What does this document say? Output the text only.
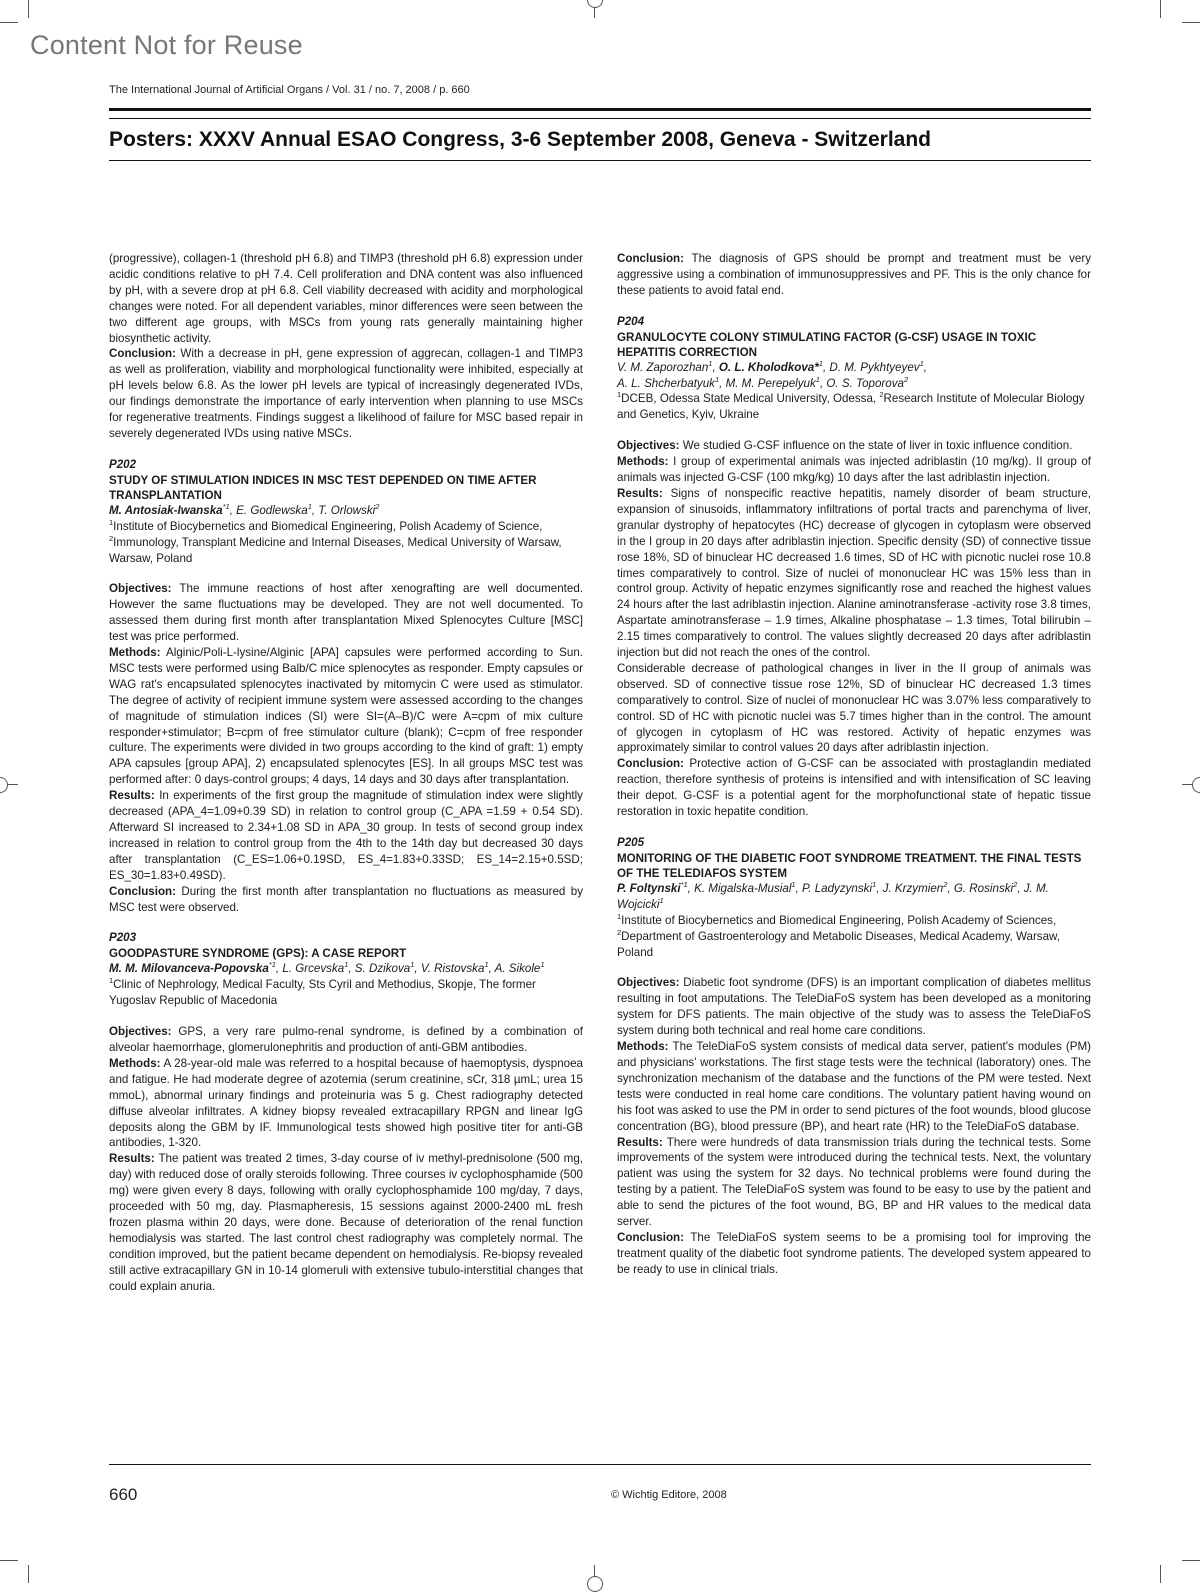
Content Not for Reuse
The International Journal of Artificial Organs / Vol. 31 / no. 7, 2008 / p. 660
Posters: XXXV Annual ESAO Congress, 3-6 September 2008, Geneva - Switzerland

(progressive), collagen-1 (threshold pH 6.8) and TIMP3 (threshold pH 6.8) expression under acidic conditions relative to pH 7.4. Cell proliferation and DNA content was also influenced by pH, with a severe drop at pH 6.8. Cell viability decreased with acidity and morphological changes were noted. For all dependent variables, minor differences were seen between the two different age groups, with MSCs from young rats generally maintaining higher biosynthetic activity.

Conclusion: With a decrease in pH, gene expression of aggrecan, collagen-1 and TIMP3 as well as proliferation, viability and morphological functionality were inhibited, especially at pH levels below 6.8. As the lower pH levels are typical of increasingly degenerated IVDs, our findings demonstrate the importance of early intervention when planning to use MSCs for regenerative treatments. Findings suggest a likelihood of failure for MSC based repair in severely degenerated IVDs using native MSCs.

P202

STUDY OF STIMULATION INDICES IN MSC TEST DEPENDED ON TIME AFTER TRANSPLANTATION

M. Antosiak-Iwanska$^{*1}$, E. Godlewska$^1$, T. Orlowski$^2$

$^1$Institute of Biocybernetics and Biomedical Engineering, Polish Academy of Science, $^2$Immunology, Transplant Medicine and Internal Diseases, Medical University of Warsaw, Warsaw, Poland

Objectives: The immune reactions of host after xenografting are well documented. However the same fluctuations may be developed. They are not well documented. To assessed them during first month after transplantation Mixed Splenocytes Culture [MSC] test was price performed.

Methods: Alginic/Poli-L-lysine/Alginic [APA] capsules were performed according to Sun. MSC tests were performed using Balb/C mice splenocytes as responder. Empty capsules or WAG rat's encapsulated splenocytes inactivated by mitomycin C were used as stimulator. The degree of activity of recipient immune system were assessed according to the changes of magnitude of stimulation indices (SI) were SI=(A–B)/C were A=cpm of mix culture responder+stimulator; B=cpm of free stimulator culture (blank); C=cpm of free responder culture. The experiments were divided in two groups according to the kind of graft: 1) empty APA capsules [group APA], 2) encapsulated splenocytes [ES]. In all groups MSC test was performed after: 0 days-control groups; 4 days, 14 days and 30 days after transplantation.

Results: In experiments of the first group the magnitude of stimulation index were slightly decreased (APA_4=1.09+0.39 SD) in relation to control group (C_APA =1.59 + 0.54 SD). Afterward SI increased to 2.34+1.08 SD in APA_30 group. In tests of second group index increased in relation to control group from the 4th to the 14th day but decreased 30 days after transplantation (C_ES=1.06+0.19SD, ES_4=1.83+0.33SD; ES_14=2.15+0.5SD; ES_30=1.83+0.49SD).

Conclusion: During the first month after transplantation no fluctuations as measured by MSC test were observed.

P203

GOODPASTURE SYNDROME (GPS): A CASE REPORT

M. M. Milovanceva-Popovska$^{*1}$, L. Grcevska$^1$, S. Dzikova$^1$, V. Ristovska$^1$, A. Sikole$^1$

$^1$Clinic of Nephrology, Medical Faculty, Sts Cyril and Methodius, Skopje, The former Yugoslav Republic of Macedonia

Objectives: GPS, a very rare pulmo-renal syndrome, is defined by a combination of alveolar haemorrhage, glomerulonephritis and production of anti-GBM antibodies.

Methods: A 28-year-old male was referred to a hospital because of haemoptysis, dyspnoea and fatigue. He had moderate degree of azotemia (serum creatinine, sCr, 318 µmL; urea 15 mmoL), abnormal urinary findings and proteinuria was 5 g. Chest radiography detected diffuse alveolar infiltrates. A kidney biopsy revealed extracapillary RPGN and linear IgG deposits along the GBM by IF. Immunological tests showed high positive titer for anti-GB antibodies, 1-320.

Results: The patient was treated 2 times, 3-day course of iv methyl-prednisolone (500 mg, day) with reduced dose of orally steroids following. Three courses iv cyclophosphamide (500 mg) were given every 8 days, following with orally cyclophosphamide 100 mg/day, 7 days, proceeded with 50 mg, day. Plasmapheresis, 15 sessions against 2000-2400 mL fresh frozen plasma within 20 days, were done. Because of deterioration of the renal function hemodialysis was started. The last control chest radiography was completely normal. The condition improved, but the patient became dependent on hemodialysis. Re-biopsy revealed still active extracapillary GN in 10-14 glomeruli with extensive tubulo-interstitial changes that could explain anuria.

Conclusion: The diagnosis of GPS should be prompt and treatment must be very aggressive using a combination of immunosuppressives and PF. This is the only chance for these patients to avoid fatal end.

P204

GRANULOCYTE COLONY STIMULATING FACTOR (G-CSF) USAGE IN TOXIC HEPATITIS CORRECTION

V. M. Zaporozhan$^1$, O. L. Kholodkova*$^1$, D. M. Pykhtyeyev$^1$,
A. L. Shcherbatyuk$^1$, M. M. Perepelyuk$^1$, O. S. Toporova$^2$

$^1$DCEB, Odessa State Medical University, Odessa, $^2$Research Institute of Molecular Biology and Genetics, Kyiv, Ukraine

Objectives: We studied G-CSF influence on the state of liver in toxic influence condition.

Methods: I group of experimental animals was injected adriblastin (10 mg/kg). II group of animals was injected G-CSF (100 mkg/kg) 10 days after the last adriblastin injection.

Results: Signs of nonspecific reactive hepatitis, namely disorder of beam structure, expansion of sinusoids, inflammatory infiltrations of portal tracts and parenchyma of liver, granular dystrophy of hepatocytes (HC) decrease of glycogen in cytoplasm were observed in the I group in 20 days after adriblastin injection. Specific density (SD) of connective tissue rose 18%, SD of binuclear HC decreased 1.6 times, SD of HC with picnotic nuclei rose 10.8 times comparatively to control. Size of nuclei of mononuclear HC was 15% less than in control group. Activity of hepatic enzymes significantly rose and reached the highest values 24 hours after the last adriblastin injection. Alanine aminotransferase -activity rose 3.8 times, Aspartate aminotransferase – 1.9 times, Alkaline phosphatase – 1.3 times, Total bilirubin – 2.15 times comparatively to control. The values slightly decreased 20 days after adriblastin injection but did not reach the ones of the control.

Considerable decrease of pathological changes in liver in the II group of animals was observed. SD of connective tissue rose 12%, SD of binuclear HC decreased 1.3 times comparatively to control. Size of nuclei of mononuclear HC was 3.07% less comparatively to control. SD of HC with picnotic nuclei was 5.7 times higher than in the control. The amount of glycogen in cytoplasm of HC was restored. Activity of hepatic enzymes was approximately similar to control values 20 days after adriblastin injection.

Conclusion: Protective action of G-CSF can be associated with prostaglandin mediated reaction, therefore synthesis of proteins is intensified and with intensification of SC leaving their depot. G-CSF is a potential agent for the morphofunctional state of hepatic tissue restoration in toxic hepatite condition.

P205

MONITORING OF THE DIABETIC FOOT SYNDROME TREATMENT. THE FINAL TESTS OF THE TELEDIAFOS SYSTEM

P. Foltynski$^{*1}$, K. Migalska-Musial$^1$, P. Ladyzynski$^1$, J. Krzymien$^2$, G. Rosinski$^2$, J. M. Wojcicki$^1$

$^1$Institute of Biocybernetics and Biomedical Engineering, Polish Academy of Sciences, $^2$Department of Gastroenterology and Metabolic Diseases, Medical Academy, Warsaw, Poland

Objectives: Diabetic foot syndrome (DFS) is an important complication of diabetes mellitus resulting in foot amputations. The TeleDiaFoS system has been developed as a monitoring system for DFS patients. The main objective of the study was to assess the TeleDiaFoS system during both technical and real home care conditions.

Methods: The TeleDiaFoS system consists of medical data server, patient's modules (PM) and physicians' workstations. The first stage tests were the technical (laboratory) ones. The synchronization mechanism of the database and the functions of the PM were tested. Next tests were conducted in real home care conditions. The voluntary patient having wound on his foot was asked to use the PM in order to send pictures of the foot wounds, blood glucose concentration (BG), blood pressure (BP), and heart rate (HR) to the TeleDiaFoS database.

Results: There were hundreds of data transmission trials during the technical tests. Some improvements of the system were introduced during the technical tests. Next, the voluntary patient was using the system for 32 days. No technical problems were found during the testing by a patient. The TeleDiaFoS system was found to be easy to use by the patient and able to send the pictures of the foot wound, BG, BP and HR values to the medical data server.

Conclusion: The TeleDiaFoS system seems to be a promising tool for improving the treatment quality of the diabetic foot syndrome patients. The developed system appeared to be ready to use in clinical trials.

660	© Wichtig Editore, 2008
